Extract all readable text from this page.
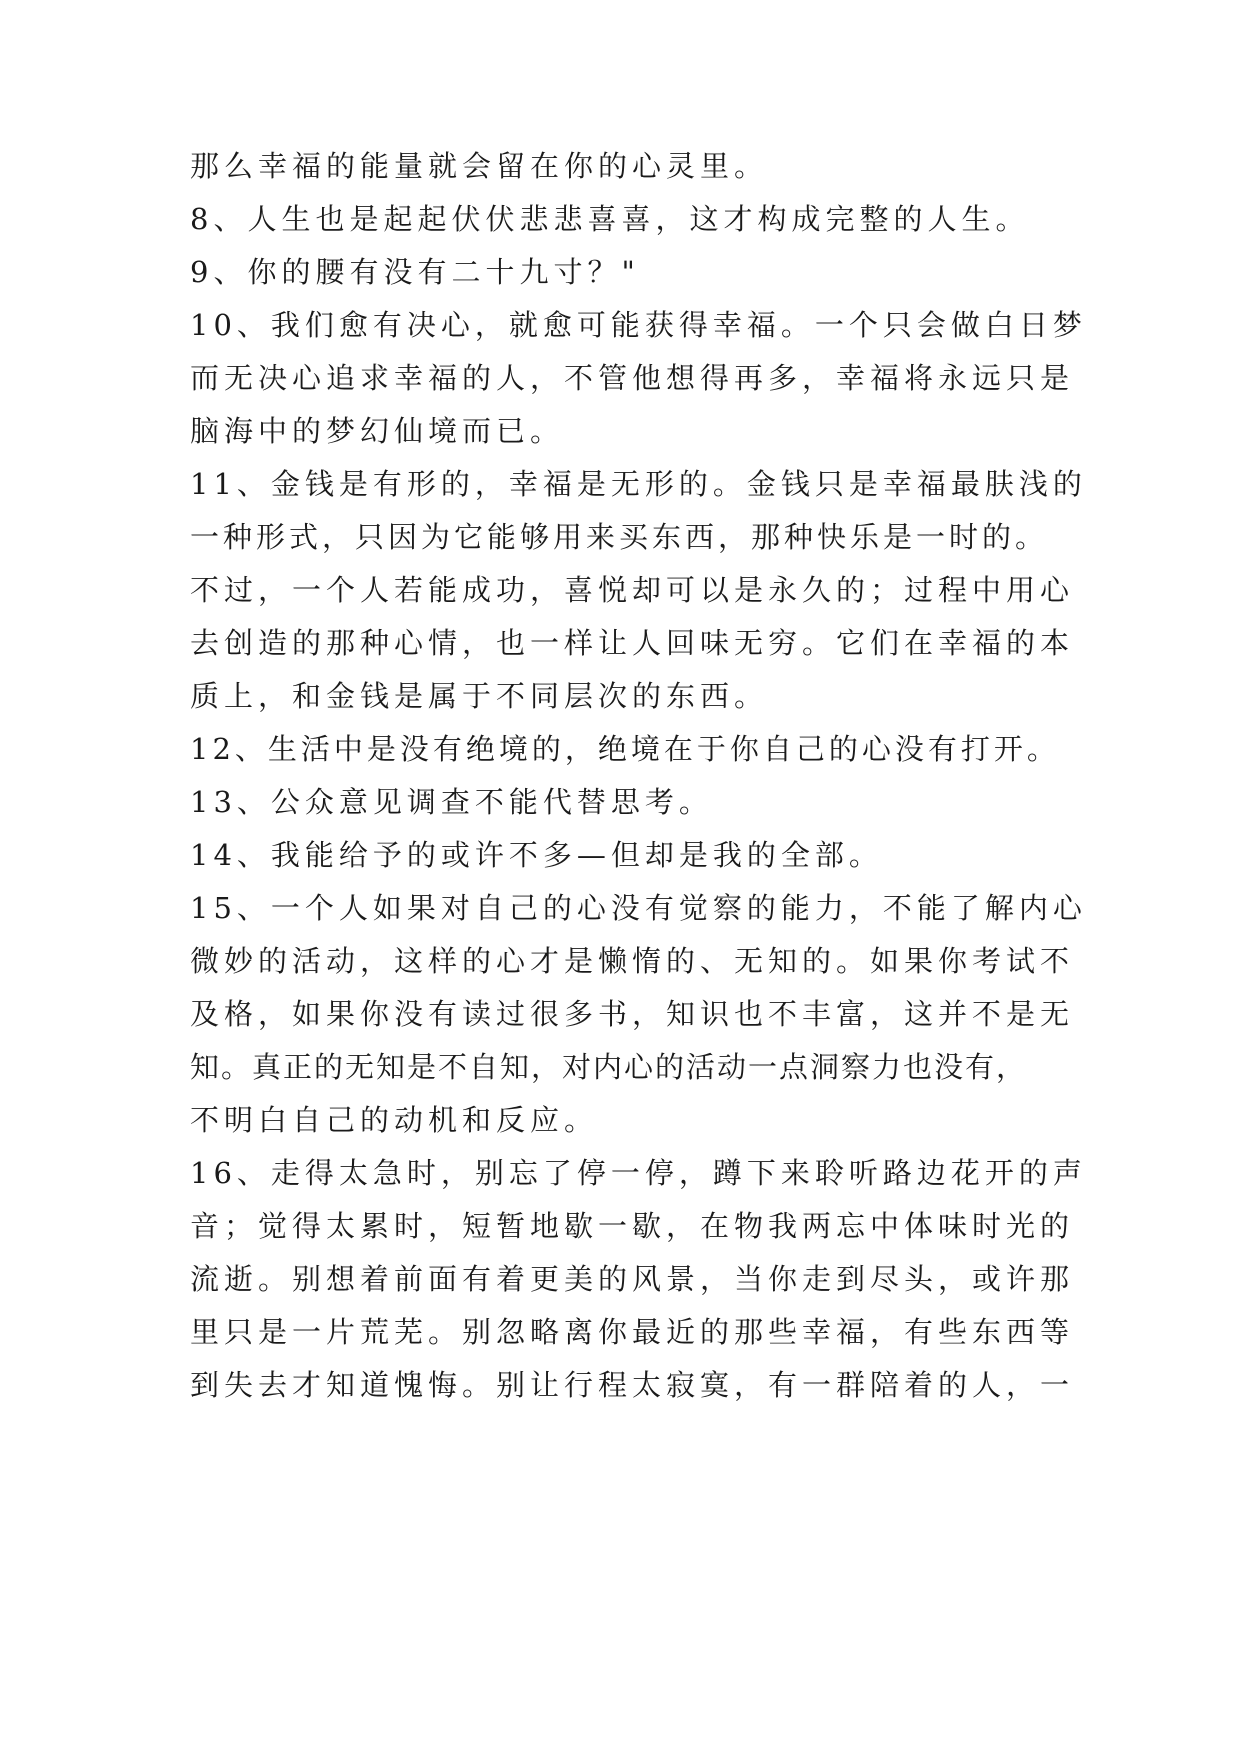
那么幸福的能量就会留在你的心灵里。
8、人生也是起起伏伏悲悲喜喜，这才构成完整的人生。
9、你的腰有没有二十九寸？"
10、我们愈有决心，就愈可能获得幸福。一个只会做白日梦
而无决心追求幸福的人，不管他想得再多，幸福将永远只是
脑海中的梦幻仙境而已。
11、金钱是有形的，幸福是无形的。金钱只是幸福最肤浅的
一种形式，只因为它能够用来买东西，那种快乐是一时的。
不过，一个人若能成功，喜悦却可以是永久的；过程中用心
去创造的那种心情，也一样让人回味无穷。它们在幸福的本
质上，和金钱是属于不同层次的东西。
12、生活中是没有绝境的，绝境在于你自己的心没有打开。
13、公众意见调查不能代替思考。
14、我能给予的或许不多—但却是我的全部。
15、一个人如果对自己的心没有觉察的能力，不能了解内心
微妙的活动，这样的心才是懒惰的、无知的。如果你考试不
及格，如果你没有读过很多书，知识也不丰富，这并不是无
知。真正的无知是不自知，对内心的活动一点洞察力也没有，
不明白自己的动机和反应。
16、走得太急时，别忘了停一停，蹲下来聆听路边花开的声
音；觉得太累时，短暂地歇一歇，在物我两忘中体味时光的
流逝。别想着前面有着更美的风景，当你走到尽头，或许那
里只是一片荒芜。别忽略离你最近的那些幸福，有些东西等
到失去才知道愧悔。别让行程太寂寞，有一群陪着的人，一
